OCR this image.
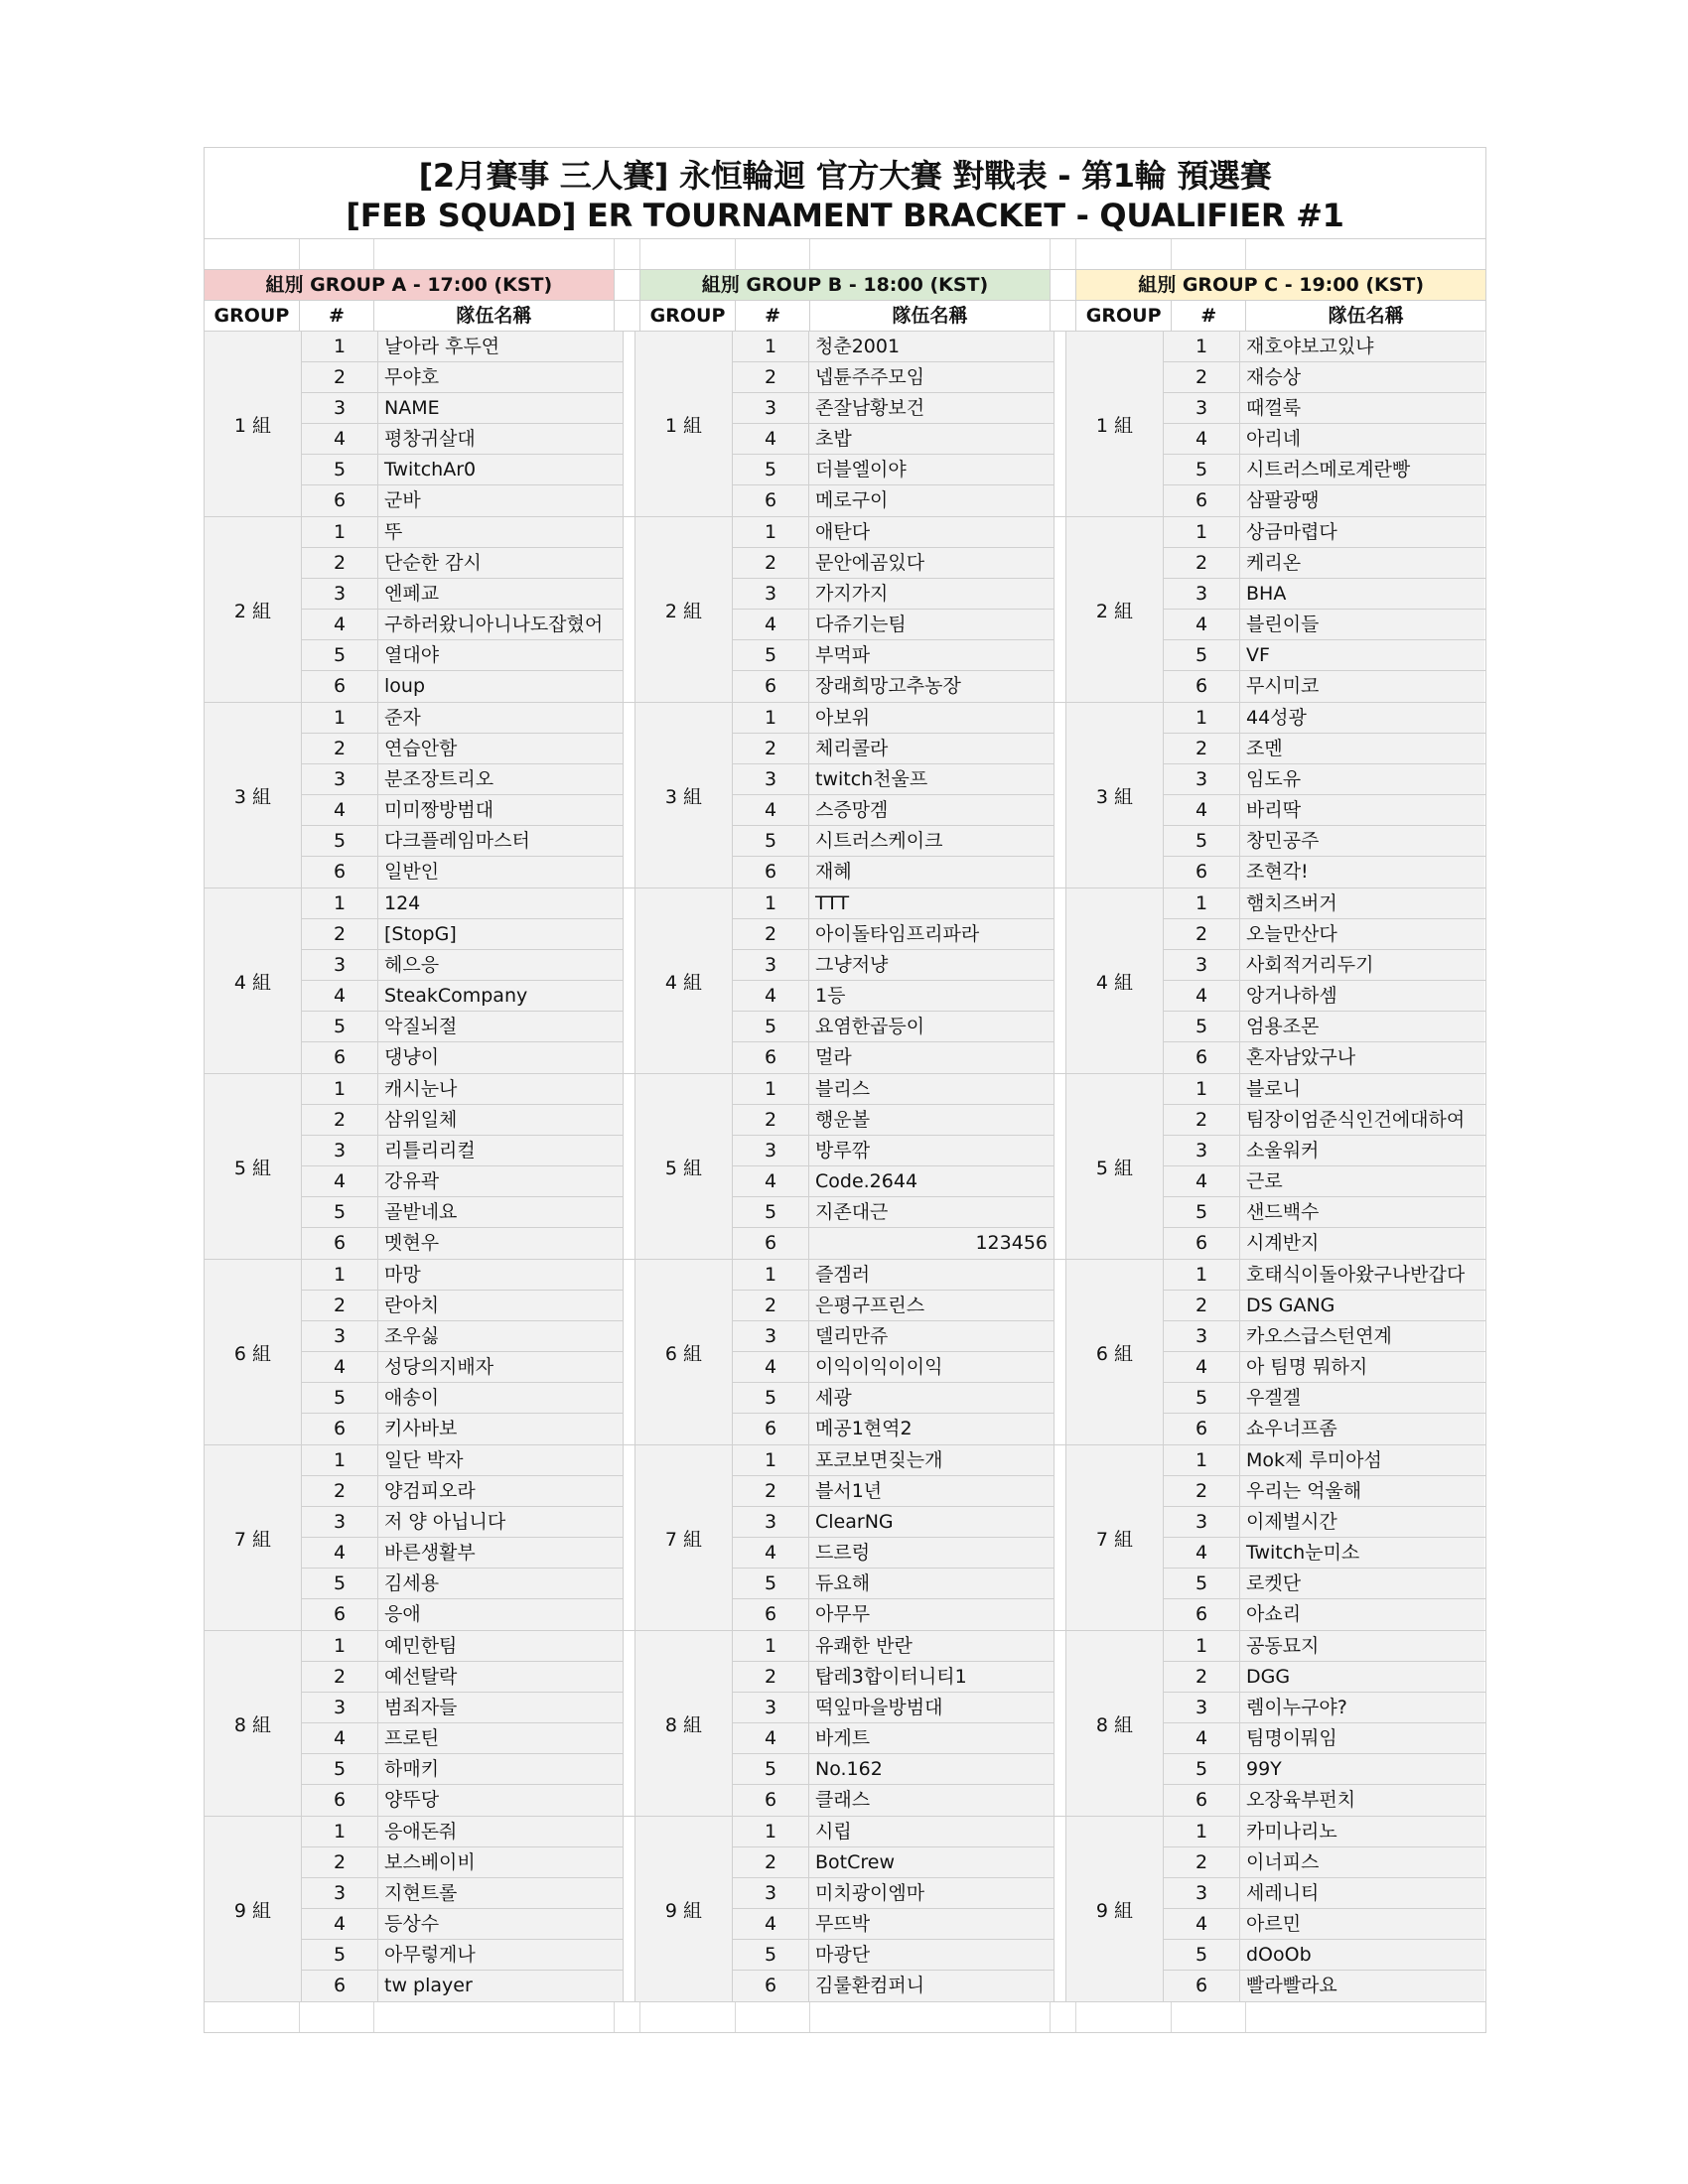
[2月賽事 三人賽] 永恒輪迴 官方大賽 對戰表 - 第1輪 預選賽
[FEB SQUAD] ER TOURNAMENT BRACKET - QUALIFIER #1
組別 GROUP A - 17:00 (KST)	組別 GROUP B - 18:00 (KST)	組別 GROUP C - 19:00 (KST)
GROUP	#	隊伍名稱	GROUP	#	隊伍名稱	GROUP	#	隊伍名稱
1 組
1	날아라 후두연
2	무야호
3	NAME
4	평창귀살대
5	TwitchAr0
6	군바
1 組
1	청춘2001
2	넵튠주주모임
3	존잘남황보건
4	초밥
5	더블엘이야
6	메로구이
1 組
1	재호야보고있냐
2	재승상
3	때껄룩
4	아리네
5	시트러스메로계란빵
6	삼팔광땡
2 組
1	뚜
2	단순한 감시
3	엔페교
4	구하러왔니아니나도잡혔어
5	열대야
6	loup
2 組
1	애탄다
2	문안에곰있다
3	가지가지
4	다쥬기는팀
5	부먹파
6	장래희망고추농장
2 組
1	상금마렵다
2	케리온
3	BHA
4	블린이들
5	VF
6	무시미코
3 組
1	준자
2	연습안함
3	분조장트리오
4	미미짱방범대
5	다크플레임마스터
6	일반인
3 組
1	아보위
2	체리콜라
3	twitch천울프
4	스증망겜
5	시트러스케이크
6	재혜
3 組
1	44성광
2	조멘
3	임도유
4	바리딱
5	창민공주
6	조현각!
4 組
1	124
2	[StopG]
3	헤으응
4	SteakCompany
5	악질뇌절
6	댕냥이
4 組
1	TTT
2	아이돌타임프리파라
3	그냥저냥
4	1등
5	요염한곱등이
6	멀라
4 組
1	햄치즈버거
2	오늘만산다
3	사회적거리두기
4	앙거나하셈
5	엄용조몬
6	혼자남았구나
5 組
1	캐시눈나
2	삼위일체
3	리틀리리컬
4	강유곽
5	골받네요
6	멧현우
5 組
1	블리스
2	행운볼
3	방루깎
4	Code.2644
5	지존대근
6	123456
5 組
1	블로니
2	팀장이엄준식인건에대하여
3	소울워커
4	근로
5	샌드백수
6	시계반지
6 組
1	마망
2	란아치
3	조우싫
4	성당의지배자
5	애송이
6	키사바보
6 組
1	즐겜러
2	은평구프린스
3	델리만쥬
4	이익이익이이익
5	세광
6	메공1현역2
6 組
1	호태식이돌아왔구나반갑다
2	DS GANG
3	카오스급스턴연계
4	아 팀명 뭐하지
5	우겔겔
6	쇼우너프좀
7 組
1	일단 박자
2	양검피오라
3	저 양 아닙니다
4	바른생활부
5	김세용
6	응애
7 組
1	포코보면짖는개
2	블서1년
3	ClearNG
4	드르렁
5	듀요해
6	아무무
7 組
1	Mok제 루미아섬
2	우리는 억울해
3	이제벌시간
4	Twitch눈미소
5	로켓단
6	아쇼리
8 組
1	예민한팀
2	예선탈락
3	범죄자들
4	프로틴
5	하매키
6	양뚜당
8 組
1	유쾌한 반란
2	탑레3합이터니티1
3	떡잎마을방범대
4	바게트
5	No.162
6	클래스
8 組
1	공동묘지
2	DGG
3	렘이누구야?
4	팀명이뭐임
5	99Y
6	오장육부펀치
9 組
1	응애돈줘
2	보스베이비
3	지현트롤
4	등상수
5	아무렇게나
6	tw player
9 組
1	시립
2	BotCrew
3	미치광이엠마
4	무뜨박
5	마광단
6	김룰환컴퍼니
9 組
1	카미나리노
2	이너피스
3	세레니티
4	아르민
5	dOoOb
6	빨라빨라요
